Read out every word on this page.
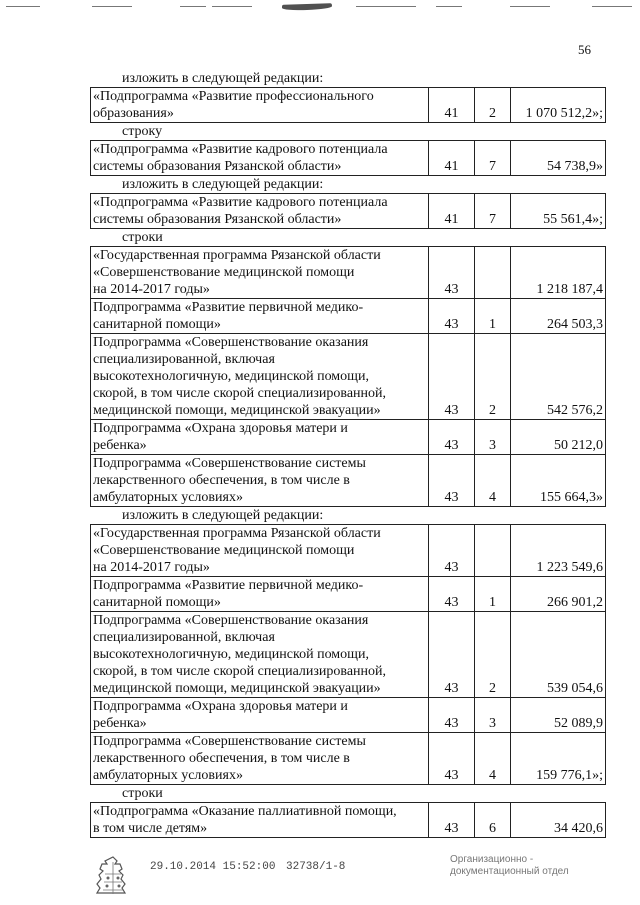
56
изложить в следующей редакции:
«Подпрограмма «Развитие профессионального
образования»	41	2	1 070 512,2»;
строку
«Подпрограмма «Развитие кадрового потенциала
системы образования Рязанской области»	41	7	54 738,9»
изложить в следующей редакции:
«Подпрограмма «Развитие кадрового потенциала
системы образования Рязанской области»	41	7	55 561,4»;
строки
«Государственная программа Рязанской области
«Совершенствование медицинской помощи
на 2014-2017 годы»	43		1 218 187,4

Подпрограмма «Развитие первичной медико-
санитарной помощи»	43	1	264 503,3

Подпрограмма «Совершенствование оказания
специализированной, включая
высокотехнологичную, медицинской помощи,
скорой, в том числе скорой специализированной,
медицинской помощи, медицинской эвакуации»	43	2	542 576,2

Подпрограмма «Охрана здоровья матери и
ребенка»	43	3	50 212,0

Подпрограмма «Совершенствование системы
лекарственного обеспечения, в том числе в
амбулаторных условиях»	43	4	155 664,3»
изложить в следующей редакции:
«Государственная программа Рязанской области
«Совершенствование медицинской помощи
на 2014-2017 годы»	43		1 223 549,6

Подпрограмма «Развитие первичной медико-
санитарной помощи»	43	1	266 901,2

Подпрограмма «Совершенствование оказания
специализированной, включая
высокотехнологичную, медицинской помощи,
скорой, в том числе скорой специализированной,
медицинской помощи, медицинской эвакуации»	43	2	539 054,6

Подпрограмма «Охрана здоровья матери и
ребенка»	43	3	52 089,9

Подпрограмма «Совершенствование системы
лекарственного обеспечения, в том числе в
амбулаторных условиях»	43	4	159 776,1»;
строки
«Подпрограмма «Оказание паллиативной помощи,
в том числе детям»	43	6	34 420,6
29.10.2014 15:52:00 32738/1-8
Организационно -
документационный отдел
